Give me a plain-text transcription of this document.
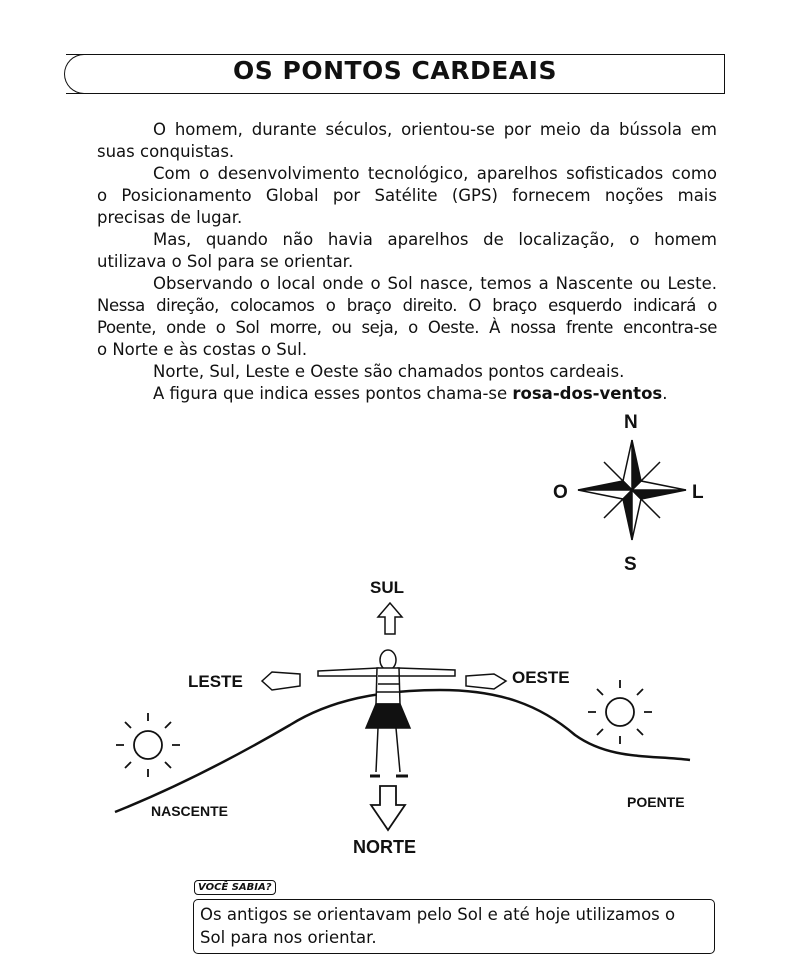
OS PONTOS CARDEAIS
O homem, durante séculos, orientou-se por meio da bússola em
suas conquistas.
Com o desenvolvimento tecnológico, aparelhos sofisticados como
o Posicionamento Global por Satélite (GPS) fornecem noções mais
precisas de lugar.
Mas, quando não havia aparelhos de localização, o homem
utilizava o Sol para se orientar.
Observando o local onde o Sol nasce, temos a Nascente ou Leste.
Nessa direção, colocamos o braço direito. O braço esquerdo indicará o
Poente, onde o Sol morre, ou seja, o Oeste. À nossa frente encontra-se
o Norte e às costas o Sul.
Norte, Sul, Leste e Oeste são chamados pontos cardeais.
A figura que indica esses pontos chama-se rosa-dos-ventos.
N
S
O	L
SUL
LESTE	OESTE
NASCENTE
POENTE
NORTE
VOCÊ SABIA?
Os antigos se orientavam pelo Sol e até hoje utilizamos o
Sol para nos orientar.
